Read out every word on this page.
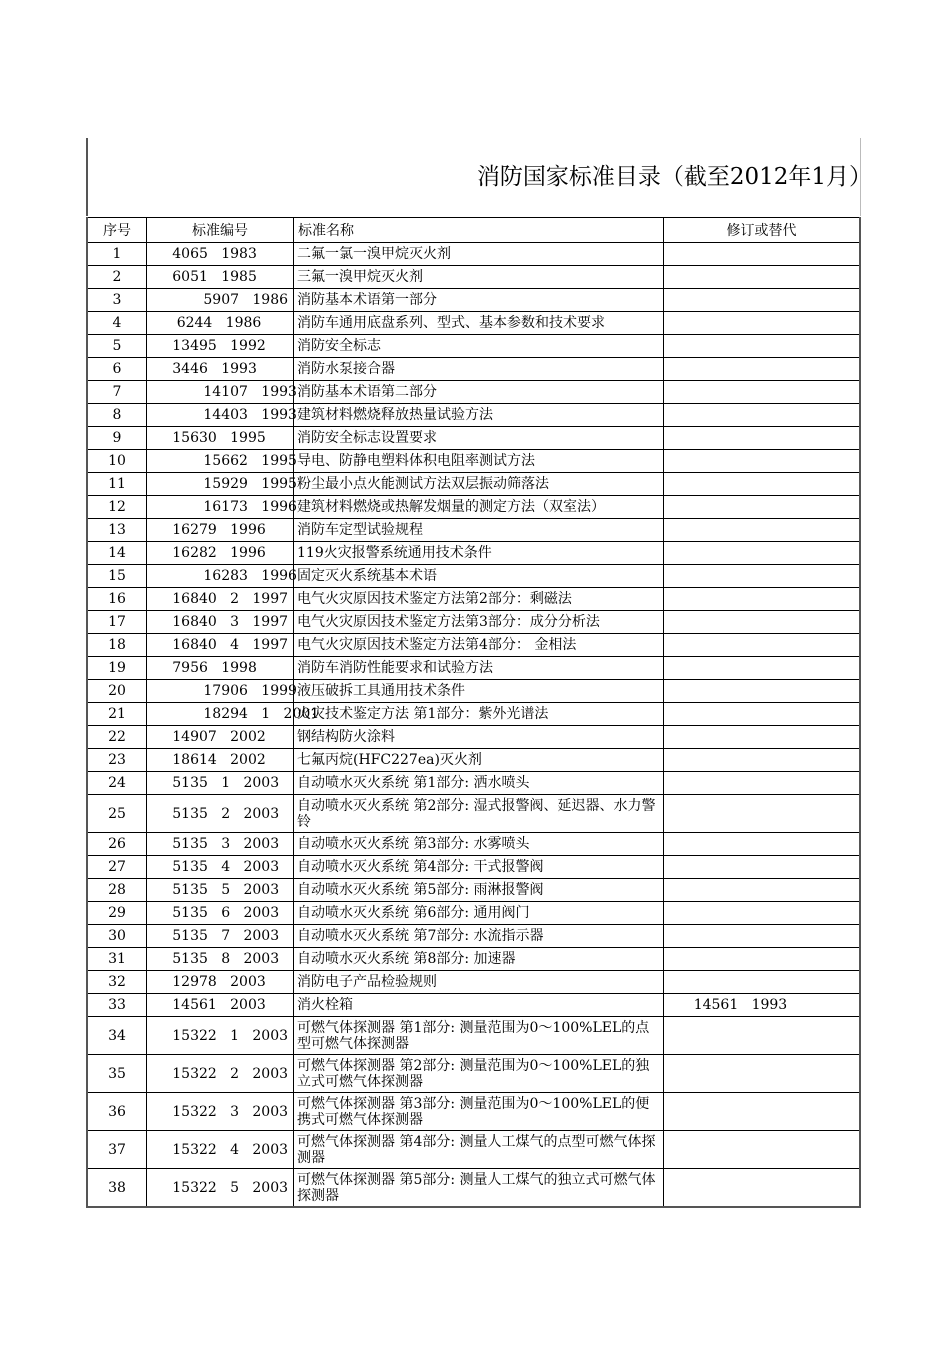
消防国家标准目录（截至2012年1月）
序号	标准编号	标准名称	修订或替代
1	4065   1983	二氟一氯一溴甲烷灭火剂	
2	6051   1985	三氟一溴甲烷灭火剂	
3	5907   1986	消防基本术语第一部分	
4	6244   1986	消防车通用底盘系列、型式、基本参数和技术要求	
5	13495   1992	消防安全标志	
6	3446   1993	消防水泵接合器	
7	14107   1993	消防基本术语第二部分	
8	14403   1993	建筑材料燃烧释放热量试验方法	
9	15630   1995	消防安全标志设置要求	
10	15662   1995	导电、防静电塑料体积电阻率测试方法	
11	15929   1995	粉尘最小点火能测试方法双层振动筛落法	
12	16173   1996	建筑材料燃烧或热解发烟量的测定方法（双室法）	
13	16279   1996	消防车定型试验规程	
14	16282   1996	119火灾报警系统通用技术条件	
15	16283   1996	固定灭火系统基本术语	
16	16840   2   1997	电气火灾原因技术鉴定方法第2部分：剩磁法	
17	16840   3   1997	电气火灾原因技术鉴定方法第3部分：成分分析法	
18	16840   4   1997	电气火灾原因技术鉴定方法第4部分： 金相法	
19	7956   1998	消防车消防性能要求和试验方法	
20	17906   1999	液压破拆工具通用技术条件	
21	18294   1   2001	火灾技术鉴定方法 第1部分：紫外光谱法	
22	14907   2002	钢结构防火涂料	
23	18614   2002	七氟丙烷(HFC227ea)灭火剂	
24	5135   1   2003	自动喷水灭火系统 第1部分: 洒水喷头	
25	5135   2   2003	自动喷水灭火系统 第2部分: 湿式报警阀、延迟器、水力警铃	
26	5135   3   2003	自动喷水灭火系统 第3部分: 水雾喷头	
27	5135   4   2003	自动喷水灭火系统 第4部分: 干式报警阀	
28	5135   5   2003	自动喷水灭火系统 第5部分: 雨淋报警阀	
29	5135   6   2003	自动喷水灭火系统 第6部分: 通用阀门	
30	5135   7   2003	自动喷水灭火系统 第7部分: 水流指示器	
31	5135   8   2003	自动喷水灭火系统 第8部分: 加速器	
32	12978   2003	消防电子产品检验规则	
33	14561   2003	消火栓箱	14561   1993
34	15322   1   2003	可燃气体探测器 第1部分: 测量范围为0～100%LEL的点型可燃气体探测器	
35	15322   2   2003	可燃气体探测器 第2部分: 测量范围为0～100%LEL的独立式可燃气体探测器	
36	15322   3   2003	可燃气体探测器 第3部分: 测量范围为0～100%LEL的便携式可燃气体探测器	
37	15322   4   2003	可燃气体探测器 第4部分: 测量人工煤气的点型可燃气体探测器	
38	15322   5   2003	可燃气体探测器 第5部分: 测量人工煤气的独立式可燃气体探测器	
